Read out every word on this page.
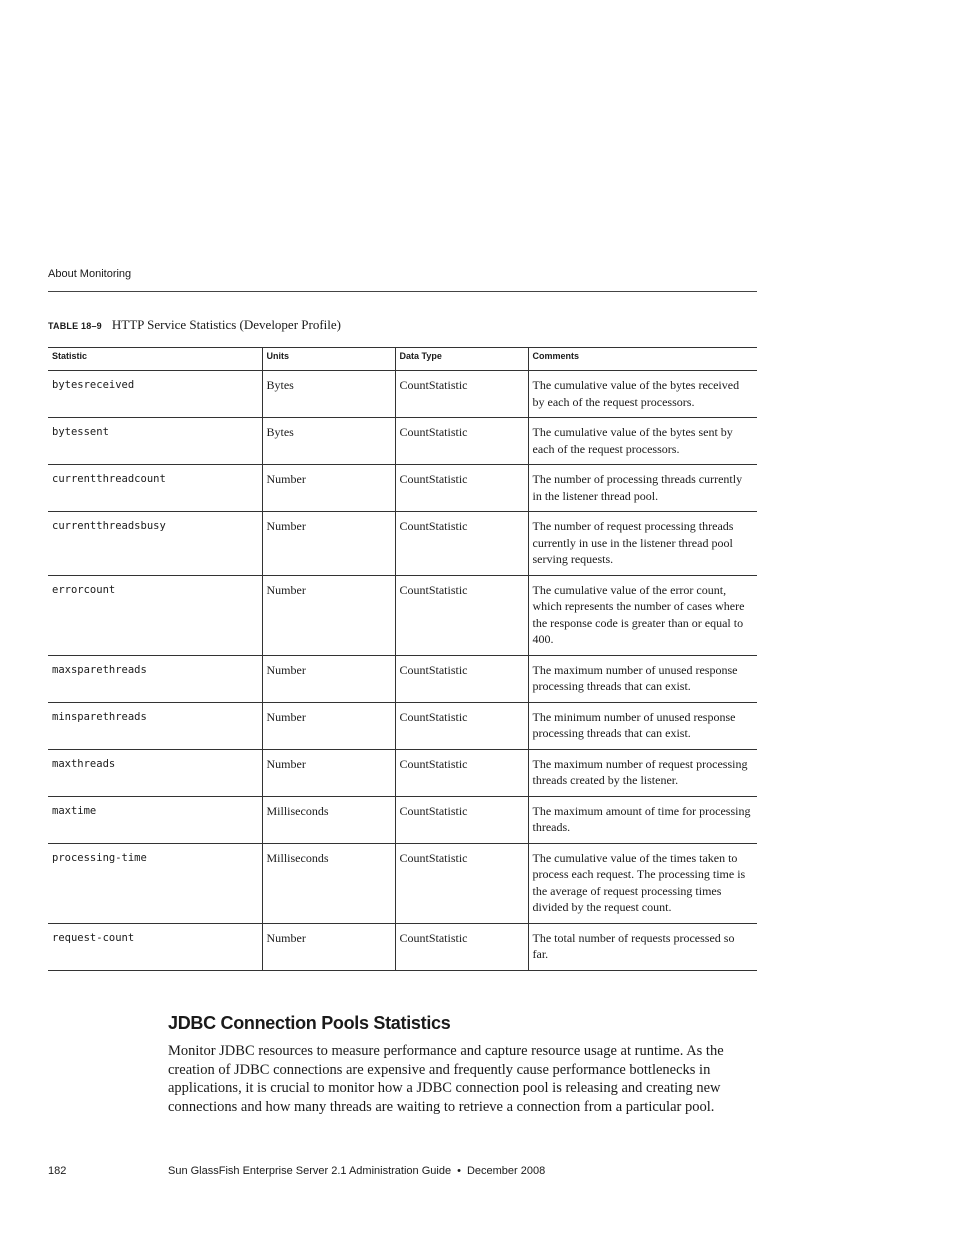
About Monitoring
TABLE 18–9 HTTP Service Statistics (Developer Profile)
Statistic	Units	Data Type	Comments
bytesreceived	Bytes	CountStatistic	The cumulative value of the bytes received by each of the request processors.
bytessent	Bytes	CountStatistic	The cumulative value of the bytes sent by each of the request processors.
currentthreadcount	Number	CountStatistic	The number of processing threads currently in the listener thread pool.
currentthreadsbusy	Number	CountStatistic	The number of request processing threads currently in use in the listener thread pool serving requests.
errorcount	Number	CountStatistic	The cumulative value of the error count, which represents the number of cases where the response code is greater than or equal to 400.
maxsparethreads	Number	CountStatistic	The maximum number of unused response processing threads that can exist.
minsparethreads	Number	CountStatistic	The minimum number of unused response processing threads that can exist.
maxthreads	Number	CountStatistic	The maximum number of request processing threads created by the listener.
maxtime	Milliseconds	CountStatistic	The maximum amount of time for processing threads.
processing-time	Milliseconds	CountStatistic	The cumulative value of the times taken to process each request. The processing time is the average of request processing times divided by the request count.
request-count	Number	CountStatistic	The total number of requests processed so far.
JDBC Connection Pools Statistics

Monitor JDBC resources to measure performance and capture resource usage at runtime. As the creation of JDBC connections are expensive and frequently cause performance bottlenecks in applications, it is crucial to monitor how a JDBC connection pool is releasing and creating new connections and how many threads are waiting to retrieve a connection from a particular pool.

182	Sun GlassFish Enterprise Server 2.1 Administration Guide • December 2008
